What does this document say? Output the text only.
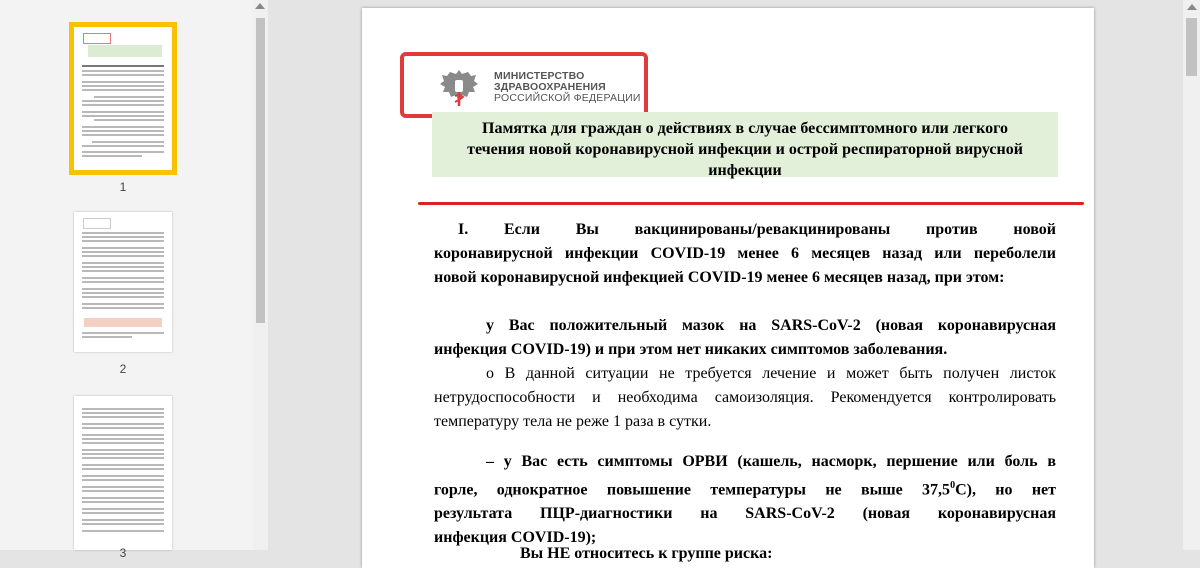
1
2
3
МИНИСТЕРСТВО
ЗДРАВООХРАНЕНИЯ
РОССИЙСКОЙ ФЕДЕРАЦИИ
Памятка для граждан о действиях в случае бессимптомного или легкого
течения новой коронавирусной инфекции и острой респираторной вирусной
инфекции
I. Если Вы вакцинированы/ревакцинированы против новой
коронавирусной инфекции COVID-19 менее 6 месяцев назад или переболели
новой коронавирусной инфекцией COVID-19 менее 6 месяцев назад, при этом:
у Вас положительный мазок на SARS-CoV-2 (новая коронавирусная
инфекция COVID-19) и при этом нет никаких симптомов заболевания.
o В данной ситуации не требуется лечение и может быть получен листок
нетрудоспособности и необходима самоизоляция. Рекомендуется контролировать
температуру тела не реже 1 раза в сутки.
– у Вас есть симптомы ОРВИ (кашель, насморк, першение или боль в
горле, однократное повышение температуры не выше 37,5$^0$С), но нет
результата ПЦР-диагностики на SARS-CoV-2 (новая коронавирусная
инфекция COVID-19);
Вы НЕ относитесь к группе риска:
